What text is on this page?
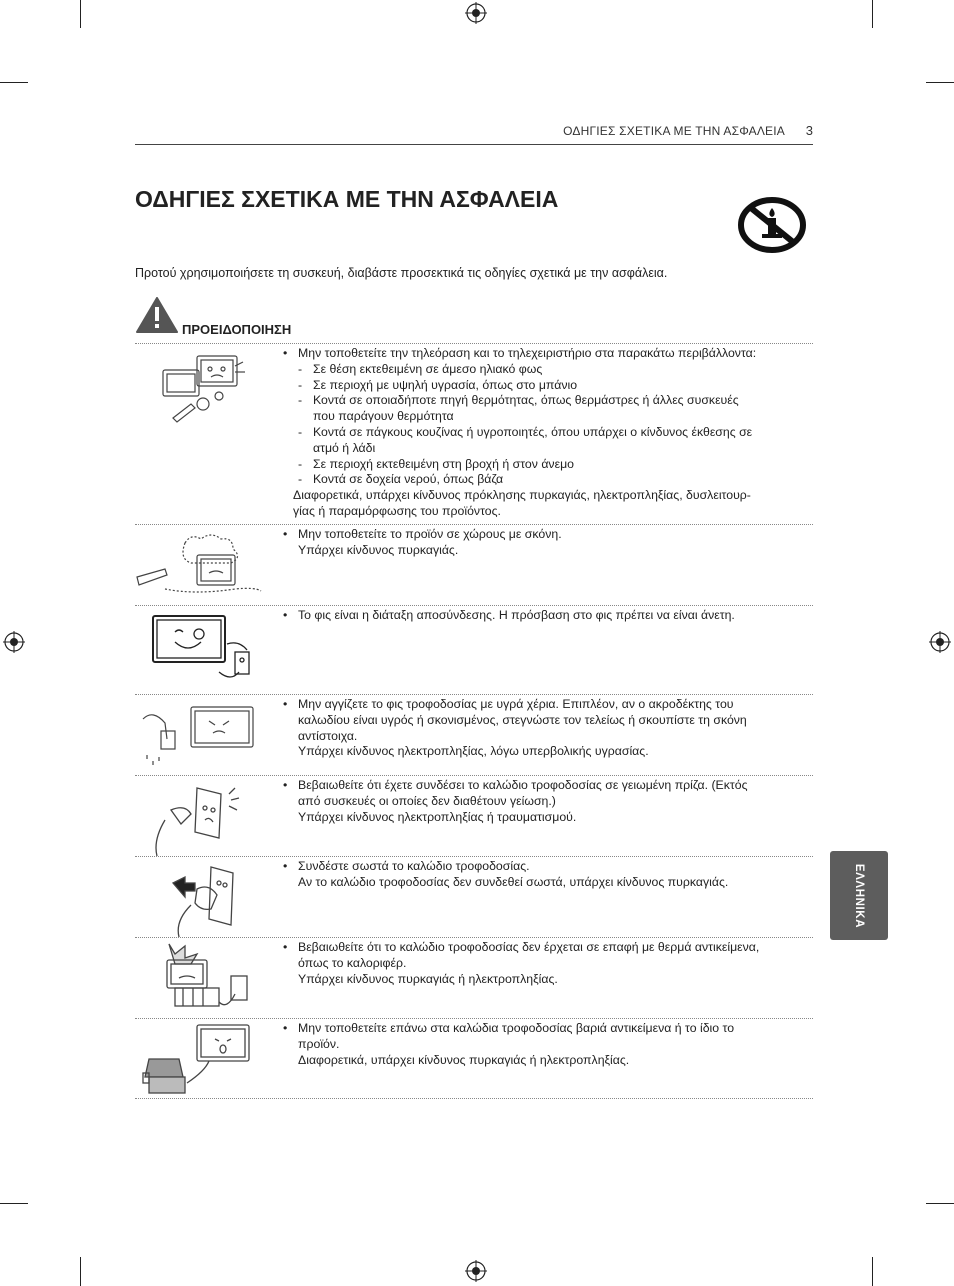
ΟΔΗΓΙΕΣ ΣΧΕΤΙΚΑ ΜΕ ΤΗΝ ΑΣΦΑΛΕΙΑ 3
ΟΔΗΓΙΕΣ ΣΧΕΤΙΚΑ ΜΕ ΤΗΝ ΑΣΦΑΛΕΙΑ
Προτού χρησιμοποιήσετε τη συσκευή, διαβάστε προσεκτικά τις οδηγίες σχετικά με την ασφάλεια.
ΠΡΟΕΙΔΟΠΟΙΗΣΗ
• Μην τοποθετείτε την τηλεόραση και το τηλεχειριστήριο στα παρακάτω περιβάλλοντα:
- Σε θέση εκτεθειμένη σε άμεσο ηλιακό φως
- Σε περιοχή με υψηλή υγρασία, όπως στο μπάνιο
- Κοντά σε οποιαδήποτε πηγή θερμότητας, όπως θερμάστρες ή άλλες συσκευές
που παράγουν θερμότητα
- Κοντά σε πάγκους κουζίνας ή υγροποιητές, όπου υπάρχει ο κίνδυνος έκθεσης σε
ατμό ή λάδι
- Σε περιοχή εκτεθειμένη στη βροχή ή στον άνεμο
- Κοντά σε δοχεία νερού, όπως βάζα
Διαφορετικά, υπάρχει κίνδυνος πρόκλησης πυρκαγιάς, ηλεκτροπληξίας, δυσλειτουρ-
γίας ή παραμόρφωσης του προϊόντος.
• Μην τοποθετείτε το προϊόν σε χώρους με σκόνη.
Υπάρχει κίνδυνος πυρκαγιάς.
• Το φις είναι η διάταξη αποσύνδεσης. Η πρόσβαση στο φις πρέπει να είναι άνετη.
• Μην αγγίζετε το φις τροφοδοσίας με υγρά χέρια. Επιπλέον, αν ο ακροδέκτης του
καλωδίου είναι υγρός ή σκονισμένος, στεγνώστε τον τελείως ή σκουπίστε τη σκόνη
αντίστοιχα.
Υπάρχει κίνδυνος ηλεκτροπληξίας, λόγω υπερβολικής υγρασίας.
• Βεβαιωθείτε ότι έχετε συνδέσει το καλώδιο τροφοδοσίας σε γειωμένη πρίζα. (Εκτός
από συσκευές οι οποίες δεν διαθέτουν γείωση.)
Υπάρχει κίνδυνος ηλεκτροπληξίας ή τραυματισμού.
• Συνδέστε σωστά το καλώδιο τροφοδοσίας.
Αν το καλώδιο τροφοδοσίας δεν συνδεθεί σωστά, υπάρχει κίνδυνος πυρκαγιάς.
• Βεβαιωθείτε ότι το καλώδιο τροφοδοσίας δεν έρχεται σε επαφή με θερμά αντικείμενα,
όπως το καλοριφέρ.
Υπάρχει κίνδυνος πυρκαγιάς ή ηλεκτροπληξίας.
• Μην τοποθετείτε επάνω στα καλώδια τροφοδοσίας βαριά αντικείμενα ή το ίδιο το
προϊόν.
Διαφορετικά, υπάρχει κίνδυνος πυρκαγιάς ή ηλεκτροπληξίας.
ΕΛΛΗΝΙΚΑ
